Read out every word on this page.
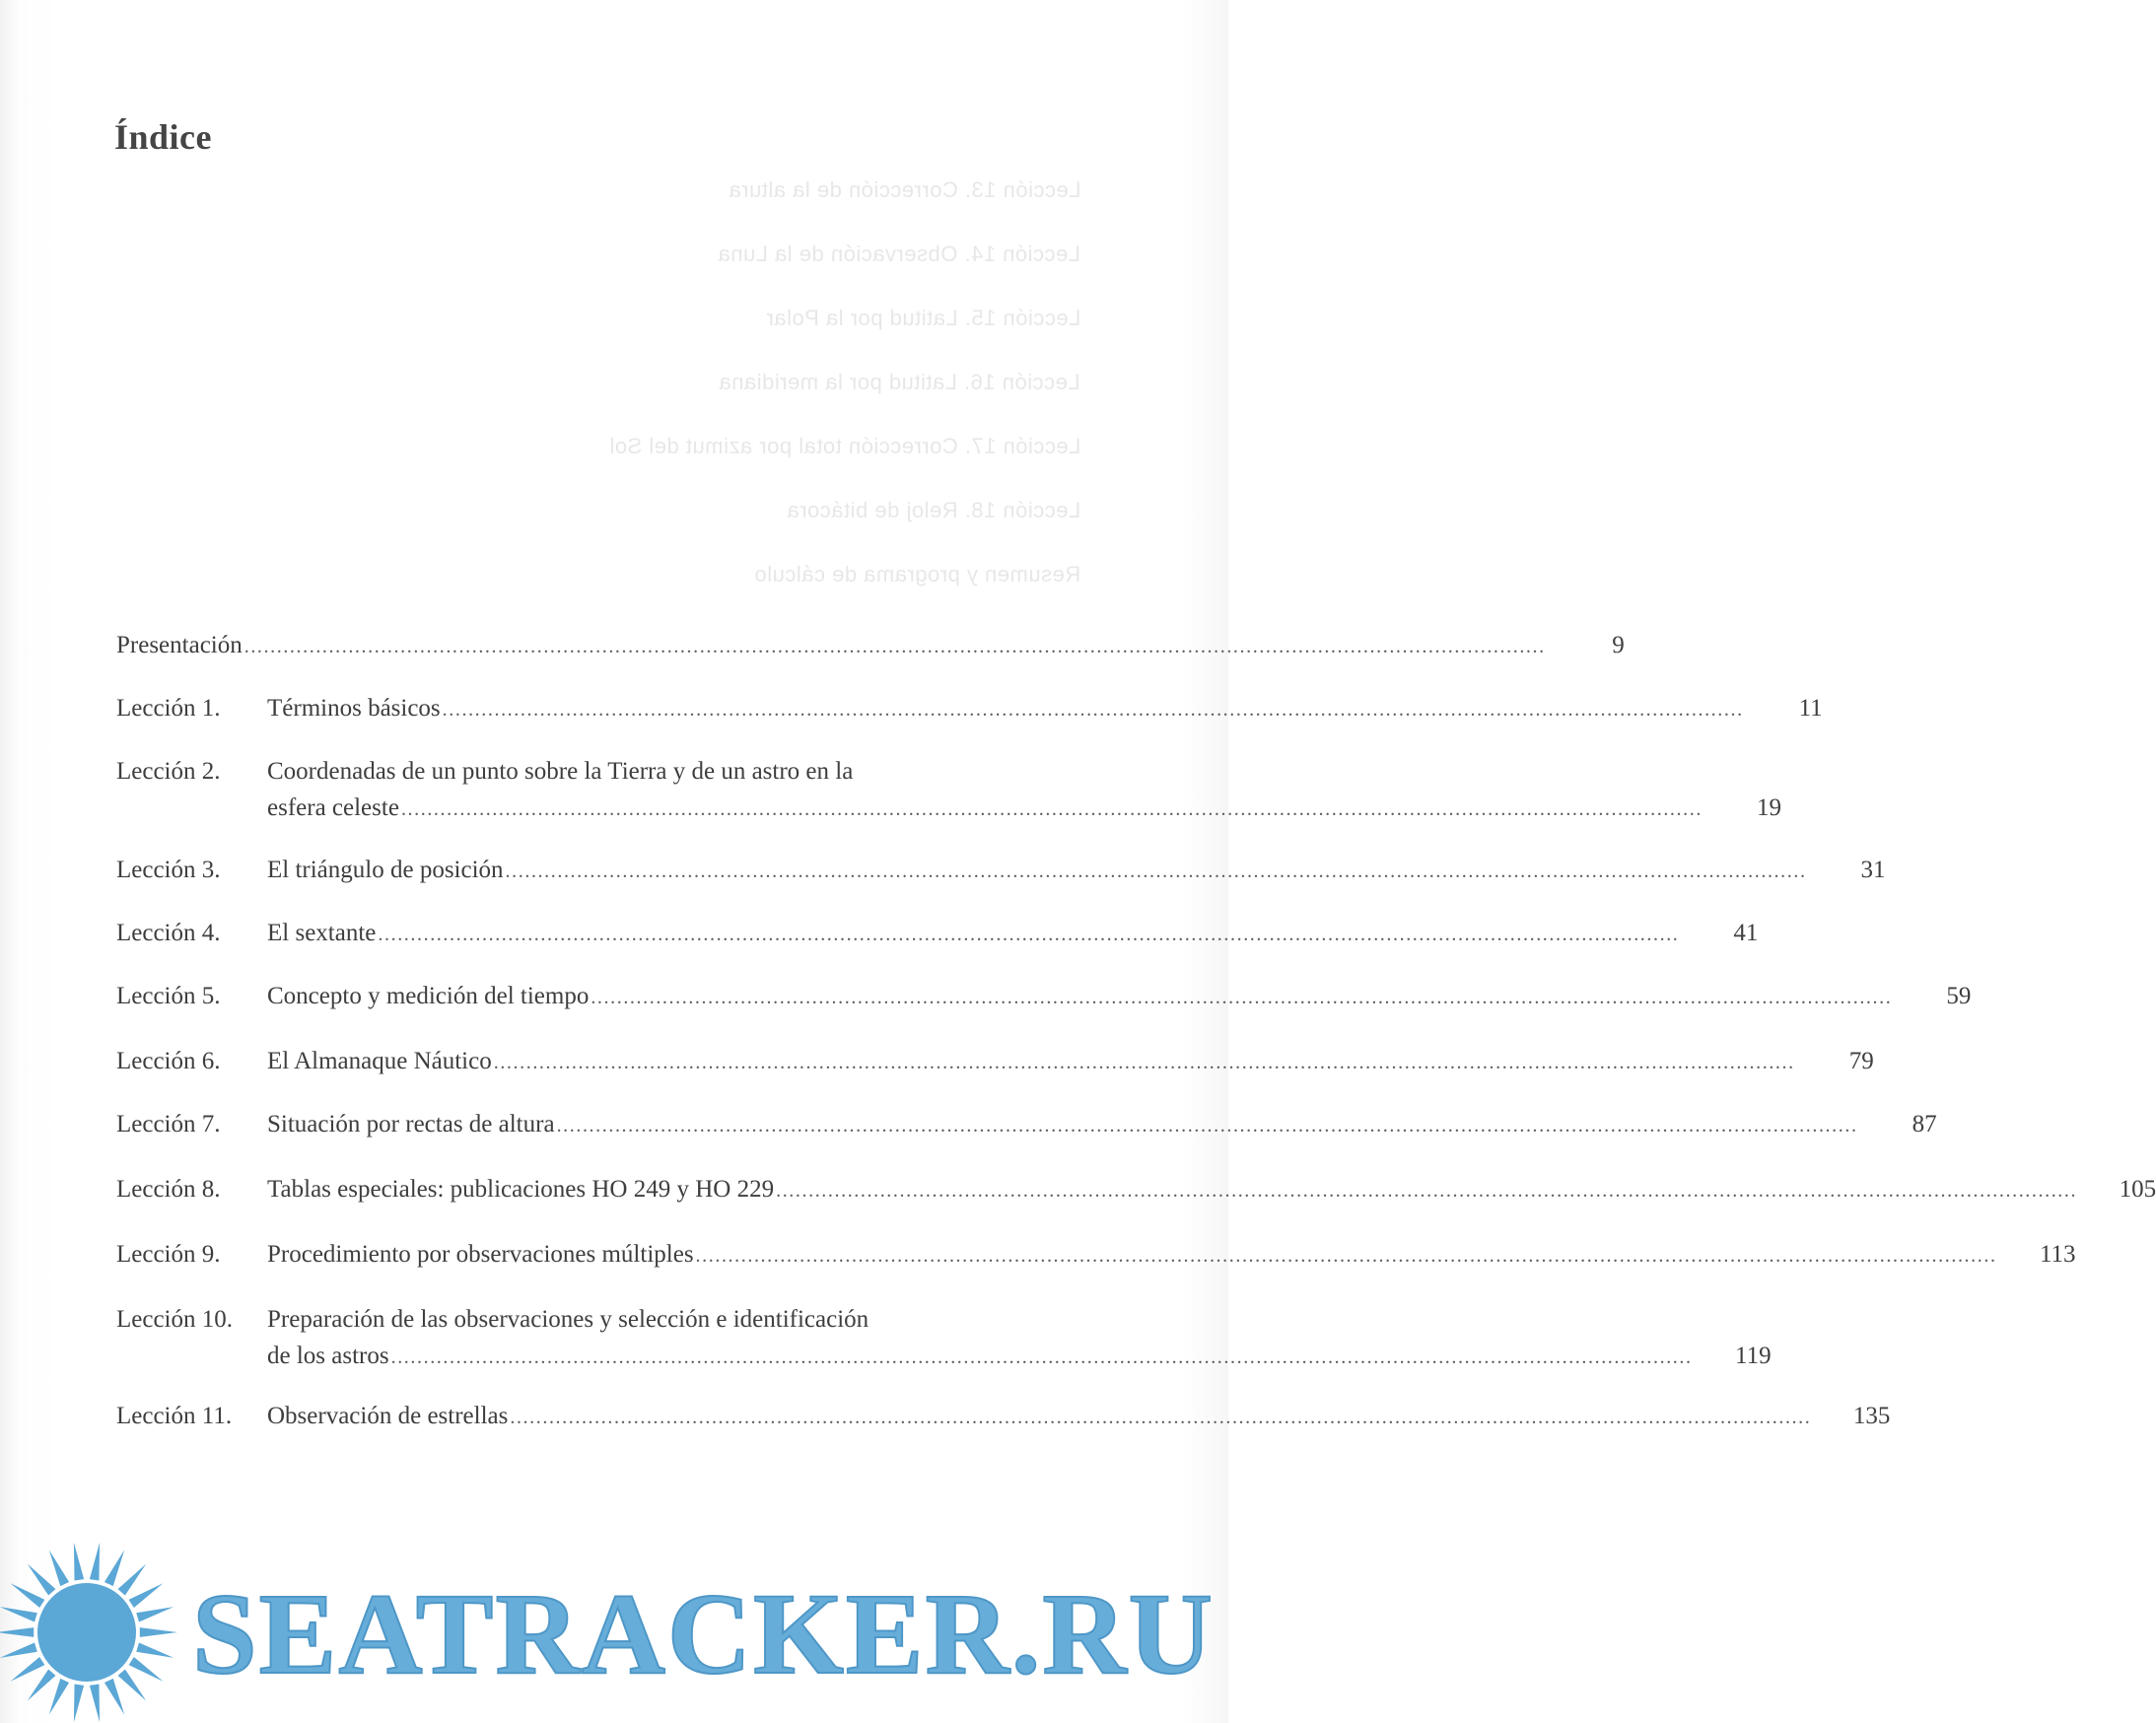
Lección 13. Corrección de la altura
Lección 14. Observación de la Luna
Lección 15. Latitud por la Polar
Lección 16. Latitud por la meridiana
Lección 17. Corrección total por azimut del Sol
Lección 18. Reloj de bitácora
Resumen y programa de cálculo
Índice
Presentación ........................................................................................................................................................................................................	9
Lección 1. Términos básicos ........................................................................................................................................................................................................	11
Lección 2. Coordenadas de un punto sobre la Tierra y de un astro en la
esfera celeste ........................................................................................................................................................................................................	19
Lección 3. El triángulo de posición ........................................................................................................................................................................................................	31
Lección 4. El sextante ........................................................................................................................................................................................................	41
Lección 5. Concepto y medición del tiempo ........................................................................................................................................................................................................	59
Lección 6. El Almanaque Náutico ........................................................................................................................................................................................................	79
Lección 7. Situación por rectas de altura ........................................................................................................................................................................................................	87
Lección 8. Tablas especiales: publicaciones HO 249 y HO 229 ........................................................................................................................................................................................................	105
Lección 9. Procedimiento por observaciones múltiples ........................................................................................................................................................................................................	113
Lección 10. Preparación de las observaciones y selección e identificación
de los astros ........................................................................................................................................................................................................	119
Lección 11. Observación de estrellas ........................................................................................................................................................................................................	135
SEATRACKER.RU
